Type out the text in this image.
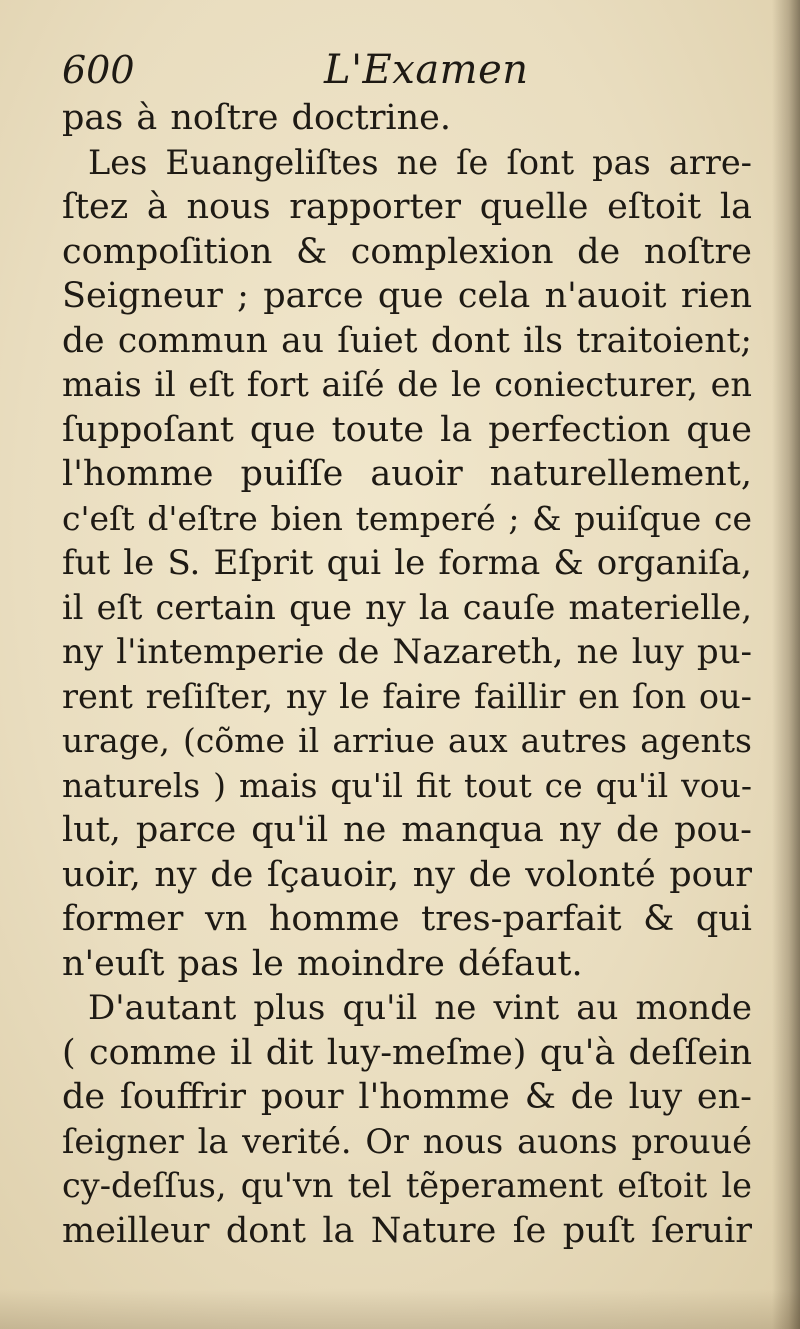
600	L'Examen
pas à noſtre doctrine.
Les Euangeliſtes ne ſe ſont pas arre-
ſtez à nous rapporter quelle eſtoit la
compoſition & complexion de noſtre
Seigneur ; parce que cela n'auoit rien
de commun au ſuiet dont ils traitoient;
mais il eſt fort aiſé de le coniecturer, en
ſuppoſant que toute la perfection que
l'homme puiſſe auoir naturellement,
c'eſt d'eſtre bien temperé ; & puiſque ce
fut le S. Eſprit qui le forma & organiſa,
il eſt certain que ny la cauſe materielle,
ny l'intemperie de Nazareth, ne luy pu-
rent reſiſter, ny le faire faillir en ſon ou-
urage, (cõme il arriue aux autres agents
naturels ) mais qu'il fit tout ce qu'il vou-
lut, parce qu'il ne manqua ny de pou-
uoir, ny de ſçauoir, ny de volonté pour
former vn homme tres-parfait & qui
n'euſt pas le moindre défaut.
D'autant plus qu'il ne vint au monde
( comme il dit luy-meſme) qu'à deſſein
de ſouffrir pour l'homme & de luy en-
ſeigner la verité. Or nous auons prouué
cy-deſſus, qu'vn tel tẽperament eſtoit le
meilleur dont la Nature ſe puſt ſeruir
